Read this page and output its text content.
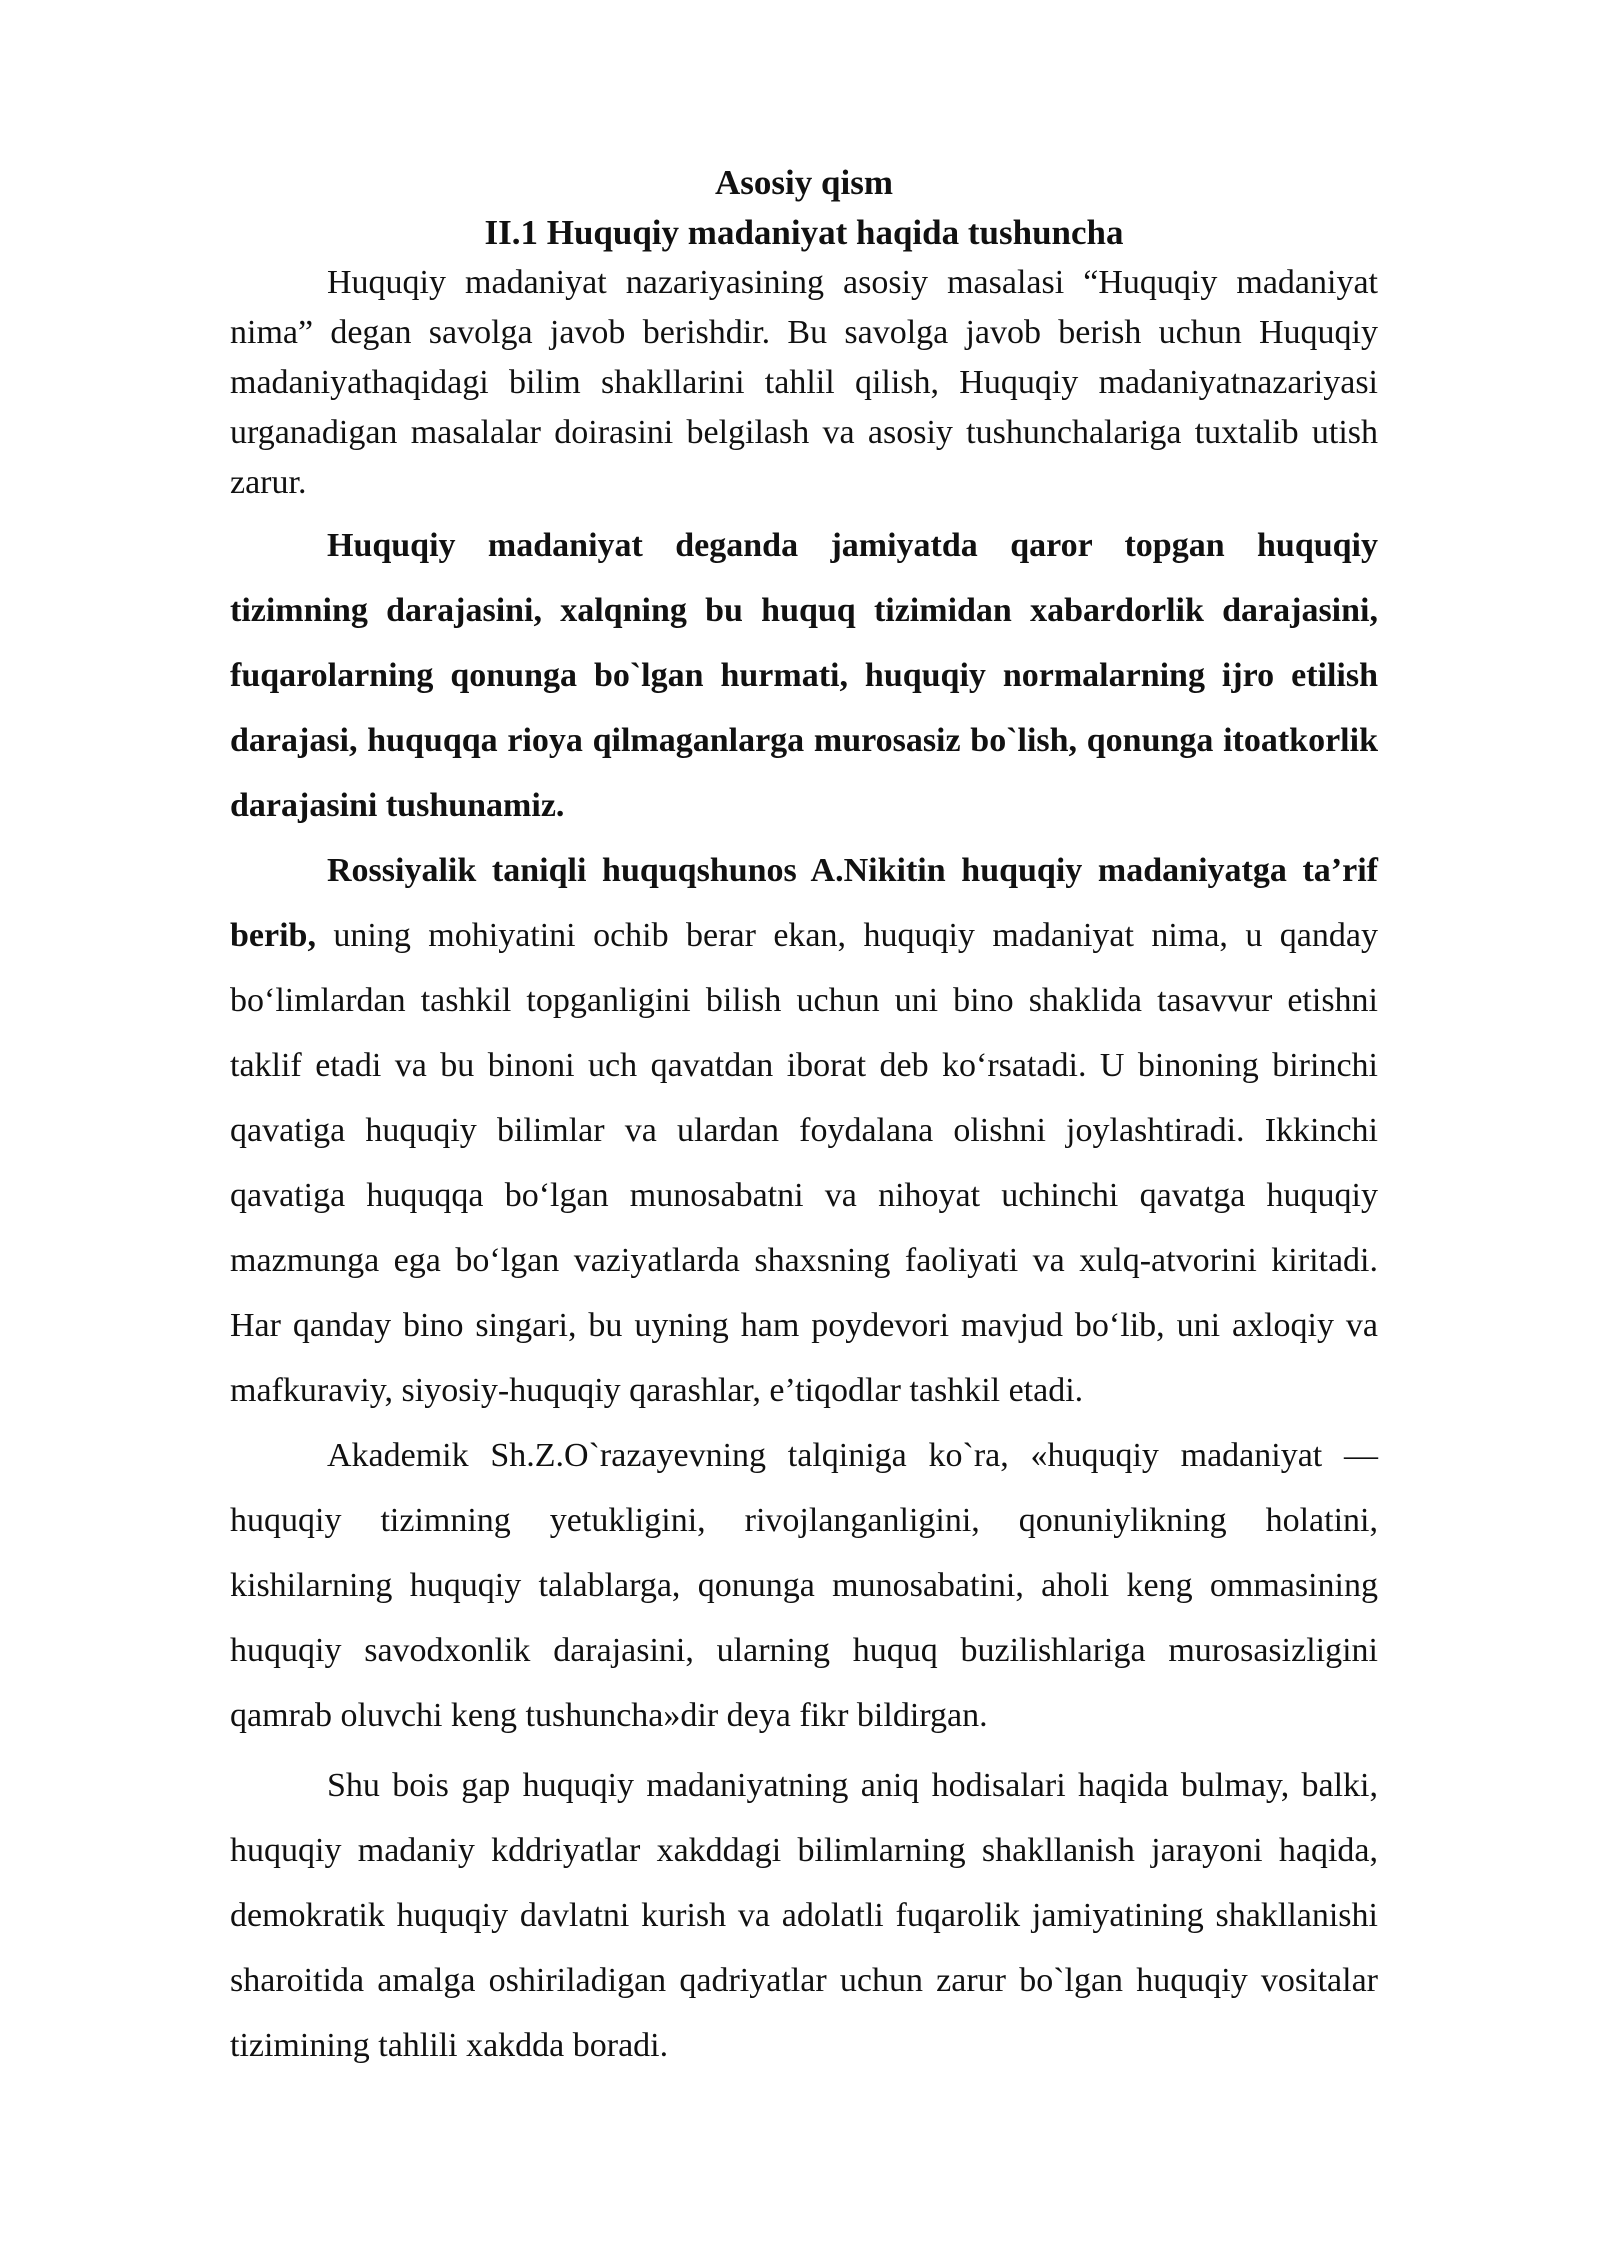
Asosiy qism
II.1 Huquqiy madaniyat haqida tushuncha

Huquqiy madaniyat nazariyasining asosiy masalasi “Huquqiy madaniyat nima” degan savolga javob berishdir. Bu savolga javob berish uchun Huquqiy madaniyathaqidagi bilim shakllarini tahlil qilish, Huquqiy madaniyatnazariyasi urganadigan masalalar doirasini belgilash va asosiy tushunchalariga tuxtalib utish zarur.

Huquqiy madaniyat deganda jamiyatda qaror topgan huquqiy tizimning darajasini, xalqning bu huquq tizimidan xabardorlik darajasini, fuqarolarning qonunga bo`lgan hurmati, huquqiy normalarning ijro etilish darajasi, huquqqa rioya qilmaganlarga murosasiz bo`lish, qonunga itoatkorlik darajasini tushunamiz.

Rossiyalik taniqli huquqshunos A.Nikitin huquqiy madaniyatga ta’rif berib, uning mohiyatini ochib berar ekan, huquqiy madaniyat nima, u qanday bo‘limlardan tashkil topganligini bilish uchun uni bino shaklida tasavvur etishni taklif etadi va bu binoni uch qavatdan iborat deb ko‘rsatadi. U binoning birinchi qavatiga huquqiy bilimlar va ulardan foydalana olishni joylashtiradi. Ikkinchi qavatiga huquqqa bo‘lgan munosabatni va nihoyat uchinchi qavatga huquqiy mazmunga ega bo‘lgan vaziyatlarda shaxsning faoliyati va xulq-atvorini kiritadi. Har qanday bino singari, bu uyning ham poydevori mavjud bo‘lib, uni axloqiy va mafkuraviy, siyosiy-huquqiy qarashlar, e’tiqodlar tashkil etadi.

Akademik Sh.Z.O`razayevning talqiniga ko`ra, «huquqiy madaniyat — huquqiy tizimning yetukligini, rivojlanganligini, qonuniylikning holatini, kishilarning huquqiy talablarga, qonunga munosabatini, aholi keng ommasining huquqiy savodxonlik darajasini, ularning huquq buzilishlariga murosasizligini qamrab oluvchi keng tushuncha»dir deya fikr bildirgan.

Shu bois gap huquqiy madaniyatning aniq hodisalari haqida bulmay, balki, huquqiy madaniy kddriyatlar xakddagi bilimlarning shakllanish jarayoni haqida, demokratik huquqiy davlatni kurish va adolatli fuqarolik jamiyatining shakllanishi sharoitida amalga oshiriladigan qadriyatlar uchun zarur bo`lgan huquqiy vositalar tizimining tahlili xakdda boradi.
